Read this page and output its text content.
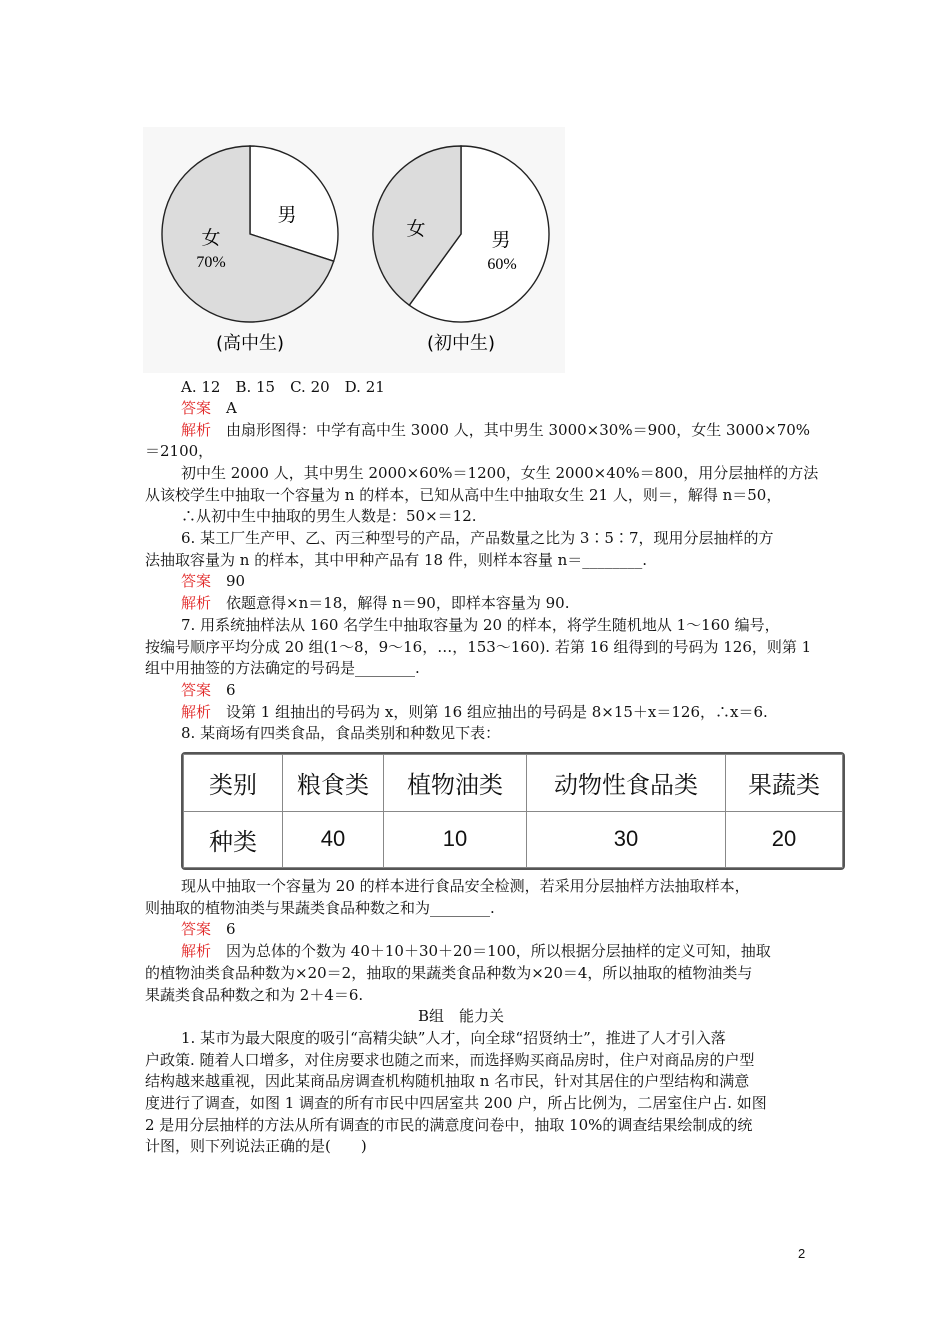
男
女
70%
女	男
60%
(高中生)	(初中生)
A. 12　B. 15　C. 20　D. 21
答案　A
解析　由扇形图得：中学有高中生 3000 人，其中男生 3000×30%＝900，女生 3000×70%
＝2100，
初中生 2000 人，其中男生 2000×60%＝1200，女生 2000×40%＝800，用分层抽样的方法
从该校学生中抽取一个容量为 n 的样本，已知从高中生中抽取女生 21 人，则＝，解得 n＝50，
∴从初中生中抽取的男生人数是：50×＝12.
6. 某工厂生产甲、乙、丙三种型号的产品，产品数量之比为 3∶5∶7，现用分层抽样的方
法抽取容量为 n 的样本，其中甲种产品有 18 件，则样本容量 n＝________.
答案　90
解析　依题意得×n＝18，解得 n＝90，即样本容量为 90.
7. 用系统抽样法从 160 名学生中抽取容量为 20 的样本，将学生随机地从 1～160 编号，
按编号顺序平均分成 20 组(1～8，9～16，…，153～160). 若第 16 组得到的号码为 126，则第 1
组中用抽签的方法确定的号码是________.
答案　6
解析　设第 1 组抽出的号码为 x，则第 16 组应抽出的号码是 8×15＋x＝126，∴x＝6.
8. 某商场有四类食品，食品类别和种数见下表：
类别	粮食类	植物油类	动物性食品类	果蔬类
种类	40	10	30	20
现从中抽取一个容量为 20 的样本进行食品安全检测，若采用分层抽样方法抽取样本，
则抽取的植物油类与果蔬类食品种数之和为________.
答案　6
解析　因为总体的个数为 40＋10＋30＋20＝100，所以根据分层抽样的定义可知，抽取
的植物油类食品种数为×20＝2，抽取的果蔬类食品种数为×20＝4，所以抽取的植物油类与
果蔬类食品种数之和为 2＋4＝6.
B组　能力关
1. 某市为最大限度的吸引“高精尖缺”人才，向全球“招贤纳士”，推进了人才引入落
户政策. 随着人口增多，对住房要求也随之而来，而选择购买商品房时，住户对商品房的户型
结构越来越重视，因此某商品房调查机构随机抽取 n 名市民，针对其居住的户型结构和满意
度进行了调查，如图 1 调查的所有市民中四居室共 200 户，所占比例为，二居室住户占. 如图
2 是用分层抽样的方法从所有调查的市民的满意度问卷中，抽取 10%的调查结果绘制成的统
计图，则下列说法正确的是(　　)
2
